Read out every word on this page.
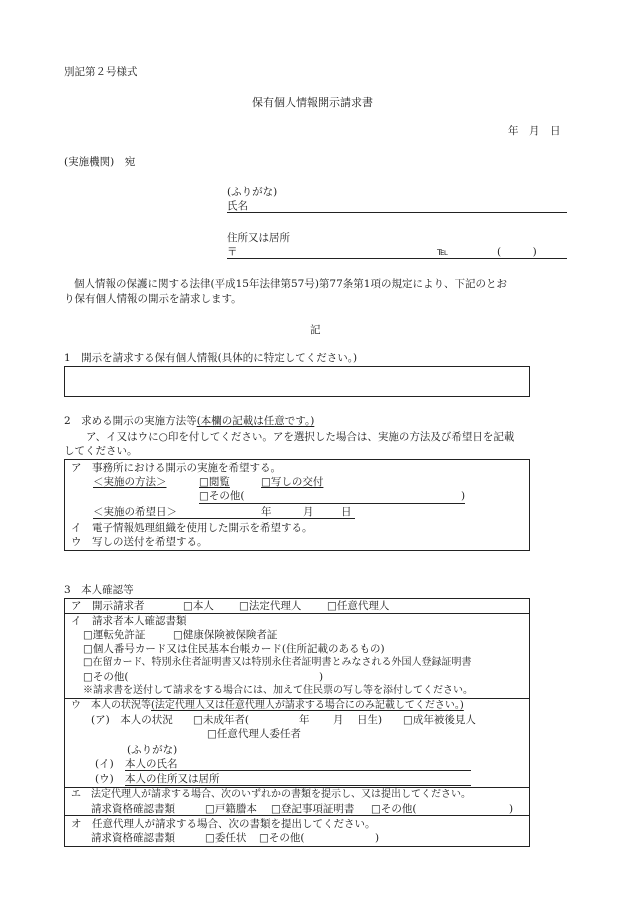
別記第２号様式
保有個人情報開示請求書
年　月　日
(実施機関)　宛
(ふりがな)
氏名
住所又は居所
〒	℡	(　　　)
個人情報の保護に関する法律(平成15年法律第57号)第77条第1項の規定により、下記のとお
り保有個人情報の開示を請求します。
記
1　開示を請求する保有個人情報(具体的に特定してください。)
2　求める開示の実施方法等(本欄の記載は任意です。)
ア、イ又はウに○印を付してください。アを選択した場合は、実施の方法及び希望日を記載
してください。
ア　事務所における開示の実施を希望する。
＜実施の方法＞	□閲覧	□写しの交付
□その他(	)
＜実施の希望日＞	年	月	日
イ　電子情報処理組織を使用した開示を希望する。
ウ　写しの送付を希望する。
3　本人確認等
ア　開示請求者	□本人 □法定代理人 □任意代理人
イ　請求者本人確認書類
□運転免許証	□健康保険被保険者証
□個人番号カード又は住民基本台帳カード(住所記載のあるもの)
□在留カード、特別永住者証明書又は特別永住者証明書とみなされる外国人登録証明書
□その他(	)
※請求書を送付して請求をする場合には、加えて住民票の写し等を添付してください。
ウ　本人の状況等(法定代理人又は任意代理人が請求する場合にのみ記載してください。)
(ア)　本人の状況 □未成年者(	年 月 日生) □成年被後見人
□任意代理人委任者
(ふりがな)
(イ) 本人の氏名
(ウ) 本人の住所又は居所
エ　法定代理人が請求する場合、次のいずれかの書類を提示し、又は提出してください。
請求資格確認書類	□戸籍謄本 □登記事項証明書 □その他(	)
オ　任意代理人が請求する場合、次の書類を提出してください。
請求資格確認書類	□委任状 □その他(	)
